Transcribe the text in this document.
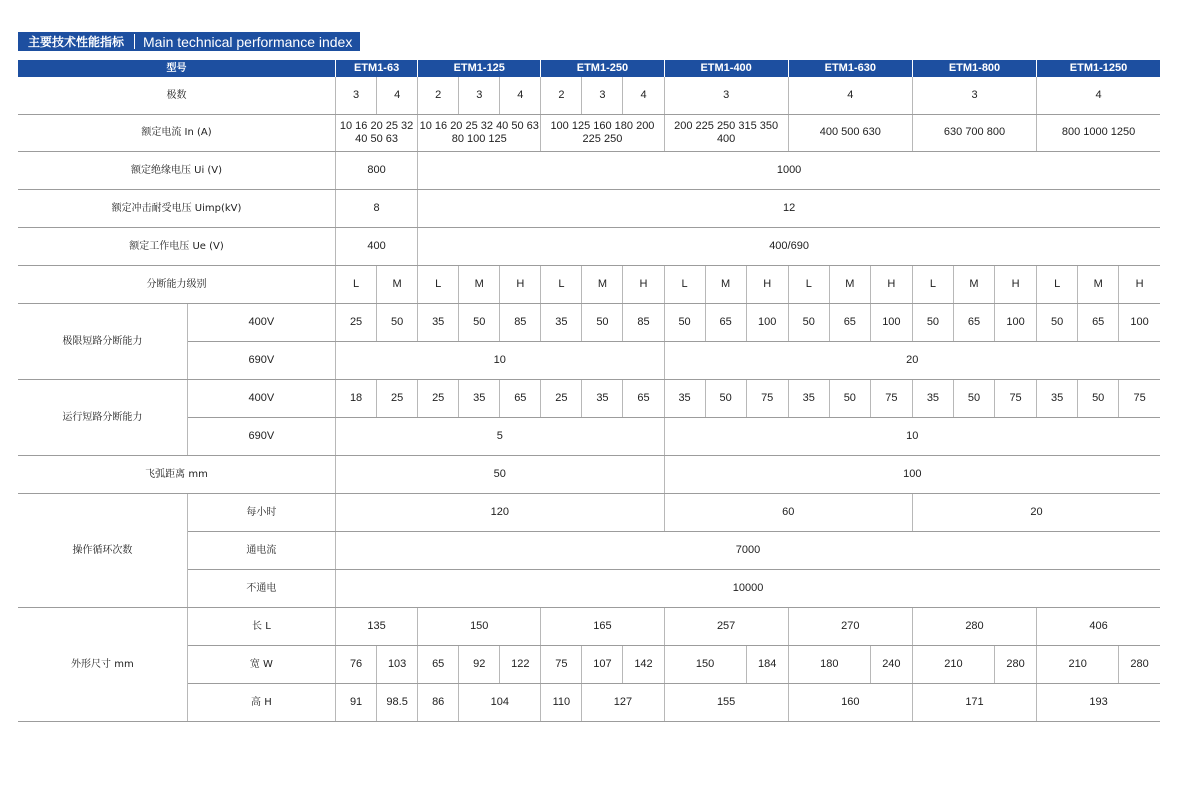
主要技术性能指标	Main technical performance index
型号		ETM1-63		ETM1-125			ETM1-250			ETM1-400			ETM1-630			ETM1-800			ETM1-1250		
极数		3	4	2	3	4	2	3	4	3			4			3			4		
额定电流 In (A)		10 16 20 25 32 40 50 63		10 16 20 25 32 40 50 63 80 100 125			100 125 160 180 200 225 250			200 225 250 315 350 400			400 500 630			630 700 800			800 1000 1250		
额定绝缘电压 Ui (V)		800		1000																	
额定冲击耐受电压 Uimp(kV)		8		12																	
额定工作电压 Ue (V)		400		400/690																	
分断能力级别		L	M	L	M	H	L	M	H	L	M	H	L	M	H	L	M	H	L	M	H
极限短路分断能力	400V	25	50	35	50	85	35	50	85	50	65	100	50	65	100	50	65	100	50	65	100
	690V	10								20											
运行短路分断能力	400V	18	25	25	35	65	25	35	65	35	50	75	35	50	75	35	50	75	35	50	75
	690V	5								10											
飞弧距离 mm		50								100											
操作循环次数	每小时	120								60						20					
	通电流	7000																			
	不通电	10000																			
外形尺寸 mm	长 L	135		150			165			257			270			280			406		
	宽 W	76	103	65	92	122	75	107	142	150		184	180		240	210		280	210		280
	高 H	91	98.5	86	104		110	127		155			160			171			193		
